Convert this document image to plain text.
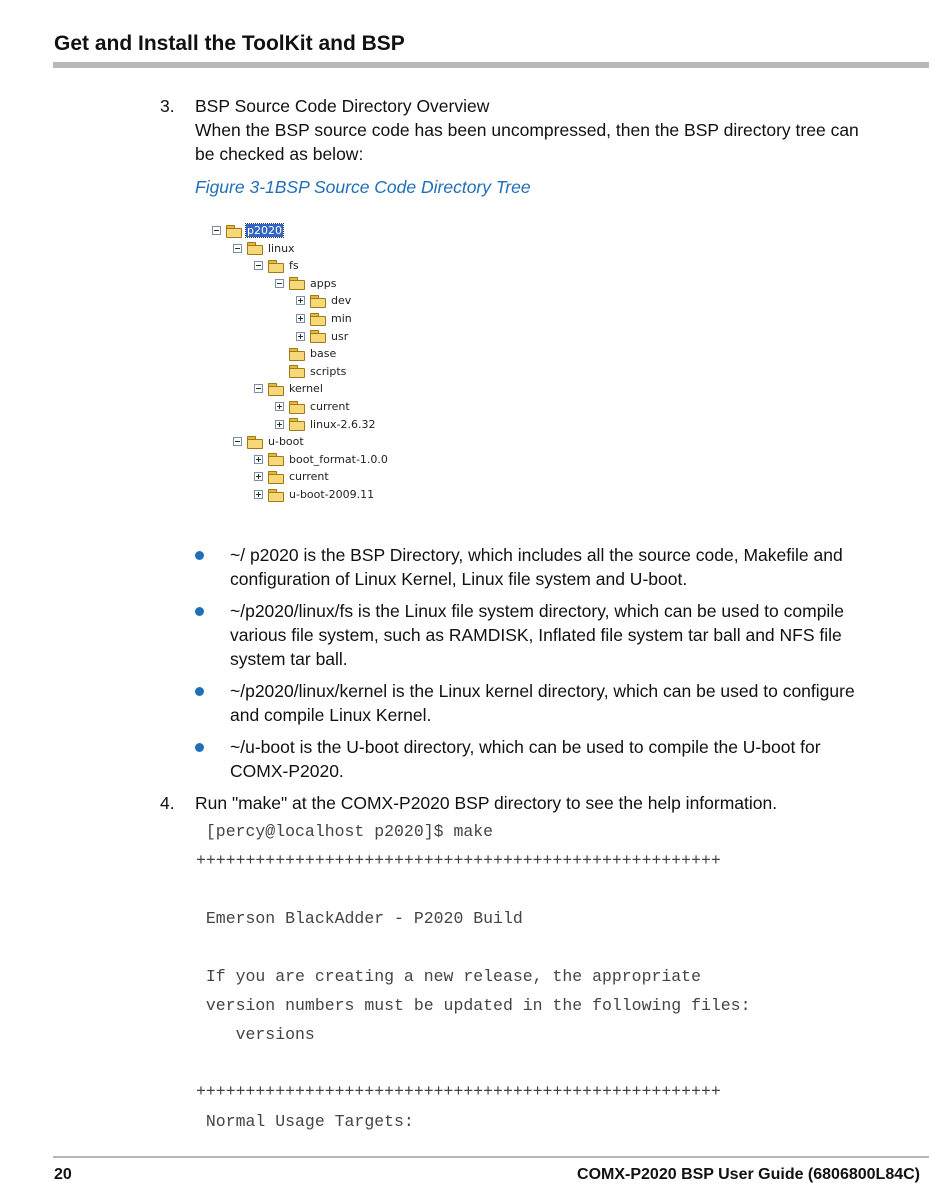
Get and Install the ToolKit and BSP
3. BSP Source Code Directory Overview
When the BSP source code has been uncompressed, then the BSP directory tree can
be checked as below:
Figure 3-1BSP Source Code Directory Tree
p2020
linux
fs
apps
dev
min
usr
base
scripts
kernel
current
linux-2.6.32
u-boot
boot_format-1.0.0
current
u-boot-2009.11
~/ p2020 is the BSP Directory, which includes all the source code, Makefile and
configuration of Linux Kernel, Linux file system and U-boot.
~/p2020/linux/fs is the Linux file system directory, which can be used to compile
various file system, such as RAMDISK, Inflated file system tar ball and NFS file
system tar ball.
~/p2020/linux/kernel is the Linux kernel directory, which can be used to configure
and compile Linux Kernel.
~/u-boot is the U-boot directory, which can be used to compile the U-boot for
COMX-P2020.
4. Run "make" at the COMX-P2020 BSP directory to see the help information.
[percy@localhost p2020]$ make
+++++++++++++++++++++++++++++++++++++++++++++++++++++
Emerson BlackAdder - P2020 Build
If you are creating a new release, the appropriate
version numbers must be updated in the following files:
versions
+++++++++++++++++++++++++++++++++++++++++++++++++++++
Normal Usage Targets:
20	COMX-P2020 BSP User Guide (6806800L84C)
